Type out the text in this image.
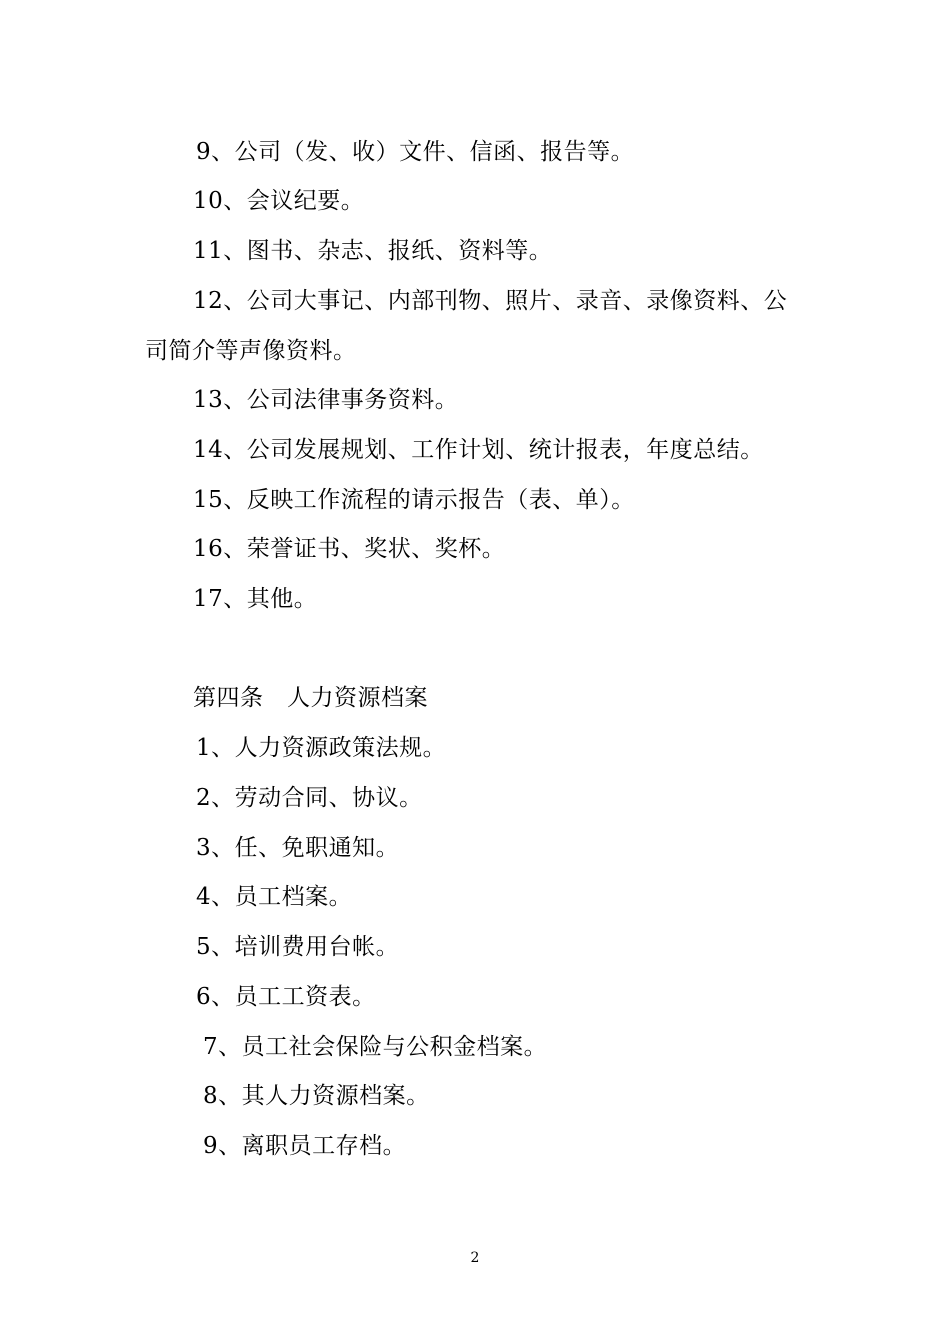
9、公司（发、收）文件、信函、报告等。
10、会议纪要。
11、图书、杂志、报纸、资料等。
12、公司大事记、内部刊物、照片、录音、录像资料、公
司简介等声像资料。
13、公司法律事务资料。
14、公司发展规划、工作计划、统计报表，年度总结。
15、反映工作流程的请示报告（表、单）。
16、荣誉证书、奖状、奖杯。
17、其他。
第四条　人力资源档案
1、人力资源政策法规。
2、劳动合同、协议。
3、任、免职通知。
4、员工档案。
5、培训费用台帐。
6、员工工资表。
7、员工社会保险与公积金档案。
8、其人力资源档案。
9、离职员工存档。
2
